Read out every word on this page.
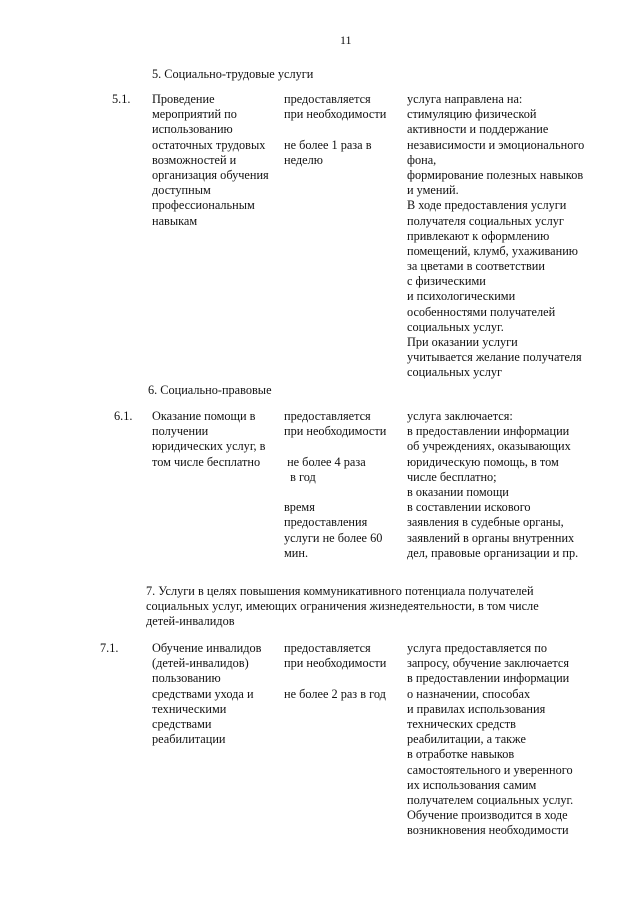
11
5. Социально-трудовые услуги
5.1. Проведение
мероприятий по
использованию
остаточных трудовых
возможностей и
организация обучения
доступным
профессиональным
навыкам
предоставляется
при необходимости
не более 1 раза в
неделю
услуга направлена на:
стимуляцию физической
активности и поддержание
независимости и эмоционального
фона,
формирование полезных навыков
и умений.
В ходе предоставления услуги
получателя социальных услуг
привлекают к оформлению
помещений, клумб, ухаживанию
за цветами в соответствии
с физическими
и психологическими
особенностями получателей
социальных услуг.
При оказании услуги
учитывается желание получателя
социальных услуг
6. Социально-правовые
6.1. Оказание помощи в
получении
юридических услуг, в
том числе бесплатно
предоставляется
при необходимости
не более 4 раза
в год
время
предоставления
услуги не более 60
мин.
услуга заключается:
в предоставлении информации
об учреждениях, оказывающих
юридическую помощь, в том
числе бесплатно;
в оказании помощи
в составлении искового
заявления в судебные органы,
заявлений в органы внутренних
дел, правовые организации и пр.
7. Услуги в целях повышения коммуникативного потенциала получателей
социальных услуг, имеющих ограничения жизнедеятельности, в том числе
детей-инвалидов
7.1.	Обучение инвалидов
(детей-инвалидов)
пользованию
средствами ухода и
техническими
средствами
реабилитации
предоставляется
при необходимости
не более 2 раз в год
услуга предоставляется по
запросу, обучение заключается
в предоставлении информации
о назначении, способах
и правилах использования
технических средств
реабилитации, а также
в отработке навыков
самостоятельного и уверенного
их использования самим
получателем социальных услуг.
Обучение производится в ходе
возникновения необходимости
